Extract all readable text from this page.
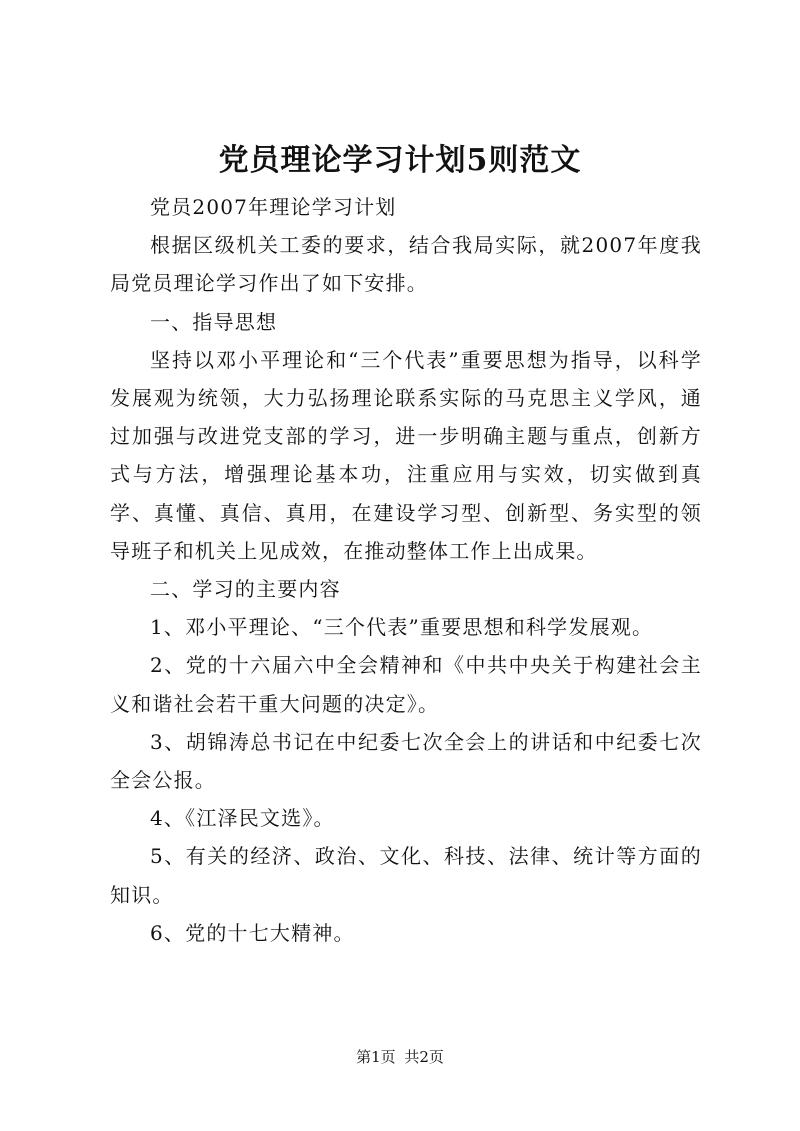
党员理论学习计划5则范文

党员2007年理论学习计划

根据区级机关工委的要求，结合我局实际，就2007年度我局党员理论学习作出了如下安排。

一、指导思想

坚持以邓小平理论和“三个代表”重要思想为指导，以科学发展观为统领，大力弘扬理论联系实际的马克思主义学风，通过加强与改进党支部的学习，进一步明确主题与重点，创新方式与方法，增强理论基本功，注重应用与实效，切实做到真学、真懂、真信、真用，在建设学习型、创新型、务实型的领导班子和机关上见成效，在推动整体工作上出成果。

二、学习的主要内容

1、邓小平理论、“三个代表”重要思想和科学发展观。

2、党的十六届六中全会精神和《中共中央关于构建社会主义和谐社会若干重大问题的决定》。

3、胡锦涛总书记在中纪委七次全会上的讲话和中纪委七次全会公报。

4、《江泽民文选》。

5、有关的经济、政治、文化、科技、法律、统计等方面的知识。

6、党的十七大精神。

第1页 共2页
